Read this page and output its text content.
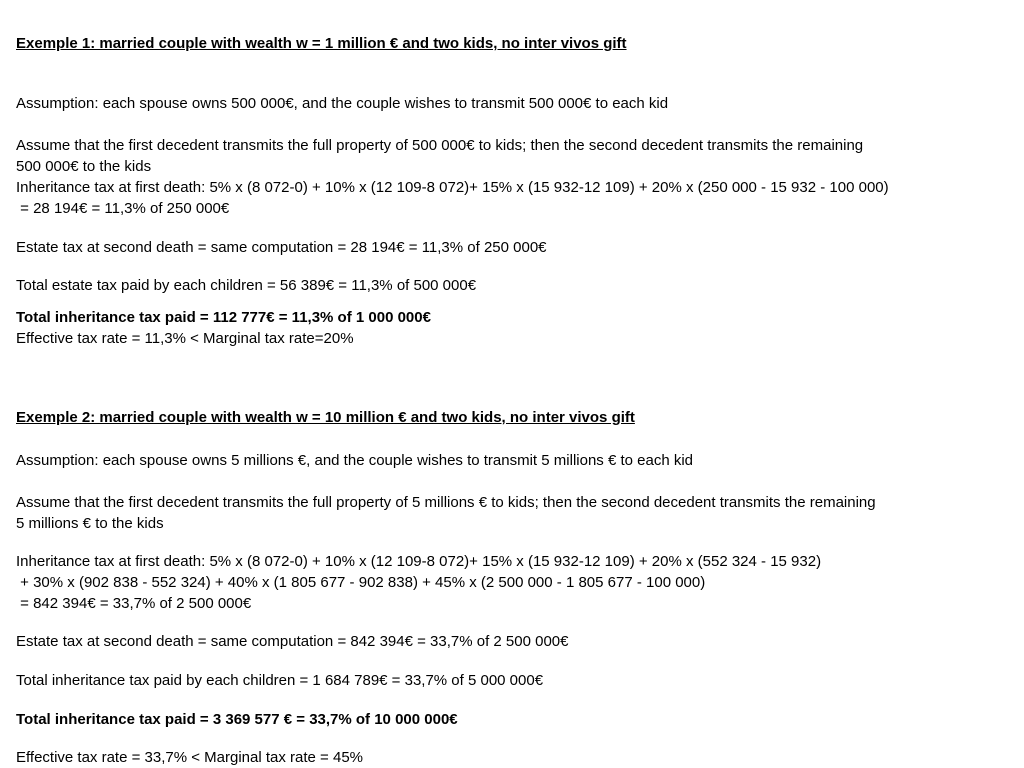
Exemple 1: married couple with wealth w = 1 million € and two kids, no inter vivos gift
Assumption: each spouse owns 500 000€, and the couple wishes to transmit 500 000€ to each kid
Assume that the first decedent transmits the full property of 500 000€ to kids; then the second decedent transmits the remaining
500 000€ to the kids
Inheritance tax at first death: 5% x (8 072-0) + 10% x (12 109-8 072)+ 15% x (15 932-12 109) + 20% x (250 000 - 15 932 - 100 000)
= 28 194€ = 11,3% of 250 000€
Estate tax at second death = same computation = 28 194€ = 11,3% of 250 000€
Total estate tax paid by each children = 56 389€ = 11,3% of 500 000€
Total inheritance tax paid = 112 777€ = 11,3% of 1 000 000€
Effective tax rate = 11,3% < Marginal tax rate=20%
Exemple 2: married couple with wealth w = 10 million € and two kids, no inter vivos gift
Assumption: each spouse owns 5 millions €, and the couple wishes to transmit 5 millions € to each kid
Assume that the first decedent transmits the full property of 5 millions € to kids; then the second decedent transmits the remaining
5 millions € to the kids
Inheritance tax at first death: 5% x (8 072-0) + 10% x (12 109-8 072)+ 15% x (15 932-12 109) + 20% x (552 324 - 15 932)
+ 30% x (902 838 - 552 324) + 40% x (1 805 677 - 902 838) + 45% x (2 500 000 - 1 805 677 - 100 000)
= 842 394€ = 33,7% of 2 500 000€
Estate tax at second death = same computation = 842 394€ = 33,7% of 2 500 000€
Total inheritance tax paid by each children = 1 684 789€ = 33,7% of 5 000 000€
Total inheritance tax paid = 3 369 577 € = 33,7% of 10 000 000€
Effective tax rate = 33,7% < Marginal tax rate = 45%
